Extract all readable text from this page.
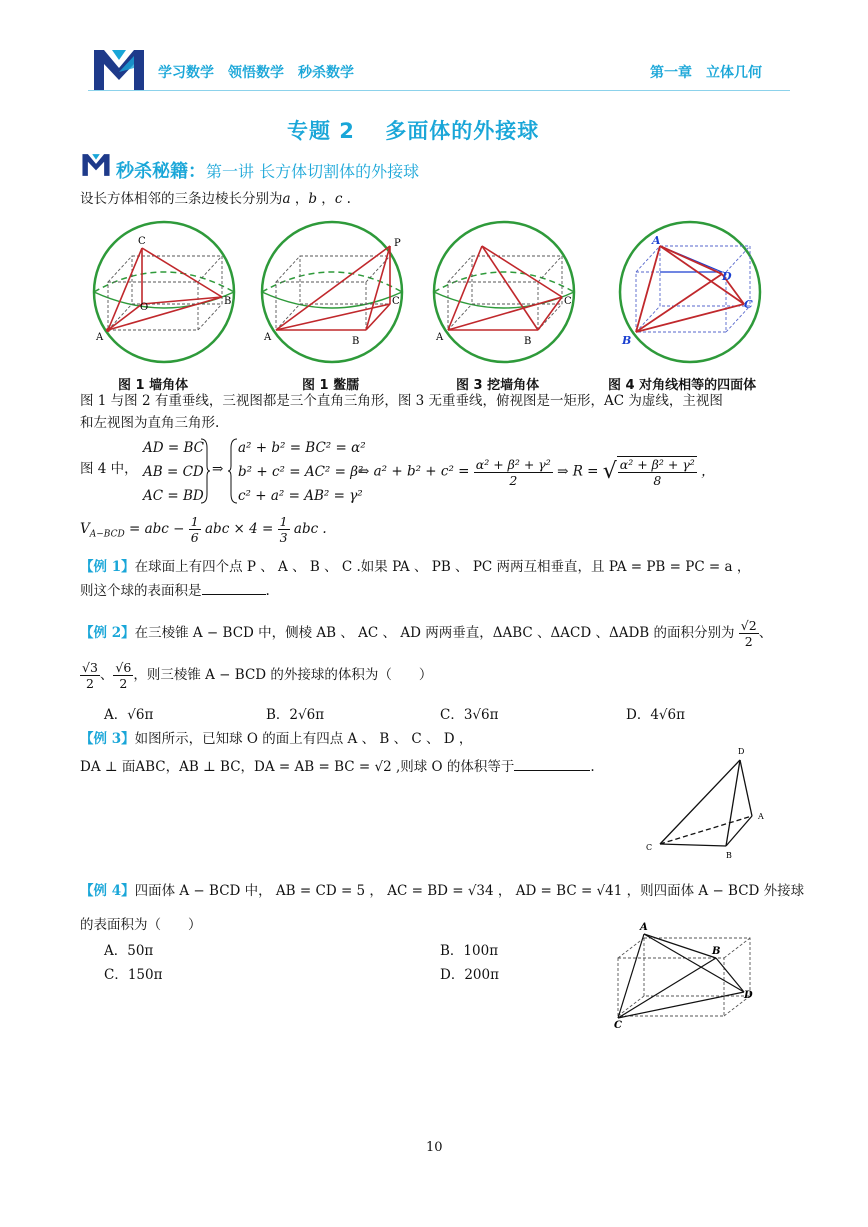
学习数学　领悟数学　秒杀数学	第一章　立体几何
专题 2　 多面体的外接球
秒杀秘籍：第一讲 长方体切割体的外接球
设长方体相邻的三条边棱长分别为a ，b ，c .
C
O
B
A
P
A
C
B	A
C
B
A
D
C
B
图 1 墙角体	图 1 鳖臑	图 3 挖墙角体	图 4 对角线相等的四面体
图 1 与图 2 有重垂线，三视图都是三个直角三角形，图 3 无重垂线，俯视图是一矩形，AC 为虚线，主视图
和左视图为直角三角形.
图 4 中，
AD = BC
AB = CD
AC = BD
⇒
a² + b² = BC² = α²
b² + c² = AC² = β²
c² + a² = AB² = γ²
⇒ $a^2 + b^2 + c^2 = \frac{\text{α² + β² + γ²}}{2}$ ⇒ R = √ $\frac{\text{α² + β² + γ²}}{8}$ ，
$V_{A-BCD}$ = abc − $\frac{1}{6}$ abc × $4 = \frac{1}{3}$ abc .
【例 1】在球面上有四个点 P 、 A 、 B 、 C .如果 PA 、 PB 、 PC 两两互相垂直，且 PA = PB = PC = a ，
则这个球的表面积是	.
【例 2】在三棱锥 A − BCD 中，侧棱 AB 、 AC 、 AD 两两垂直，ΔABC 、ΔACD 、ΔADB 的面积分别为 $\frac{√2}{2}$ 、
$\frac{√3}{2}$ 、 $\frac{√6}{2}$ ，则三棱锥 A − BCD 的外接球的体积为（　　）
A．√6π	B．2√6π	C．3√6π	D．4√6π
【例 3】如图所示，已知球 O 的面上有四点 A 、 B 、 C 、 D ，
DA ⊥ 面ABC，AB ⊥ BC，DA = AB = BC = √2 ,则球 O 的体积等于	.
D
A
C
B
【例 4】四面体 A − BCD 中， AB = CD = 5 ， AC = BD = √34 ， AD = BC = √41 ，则四面体 A − BCD 外接球
的表面积为（　　）
A．50π	B．100π
C．150π	D．200π
A
B
D
C
10
